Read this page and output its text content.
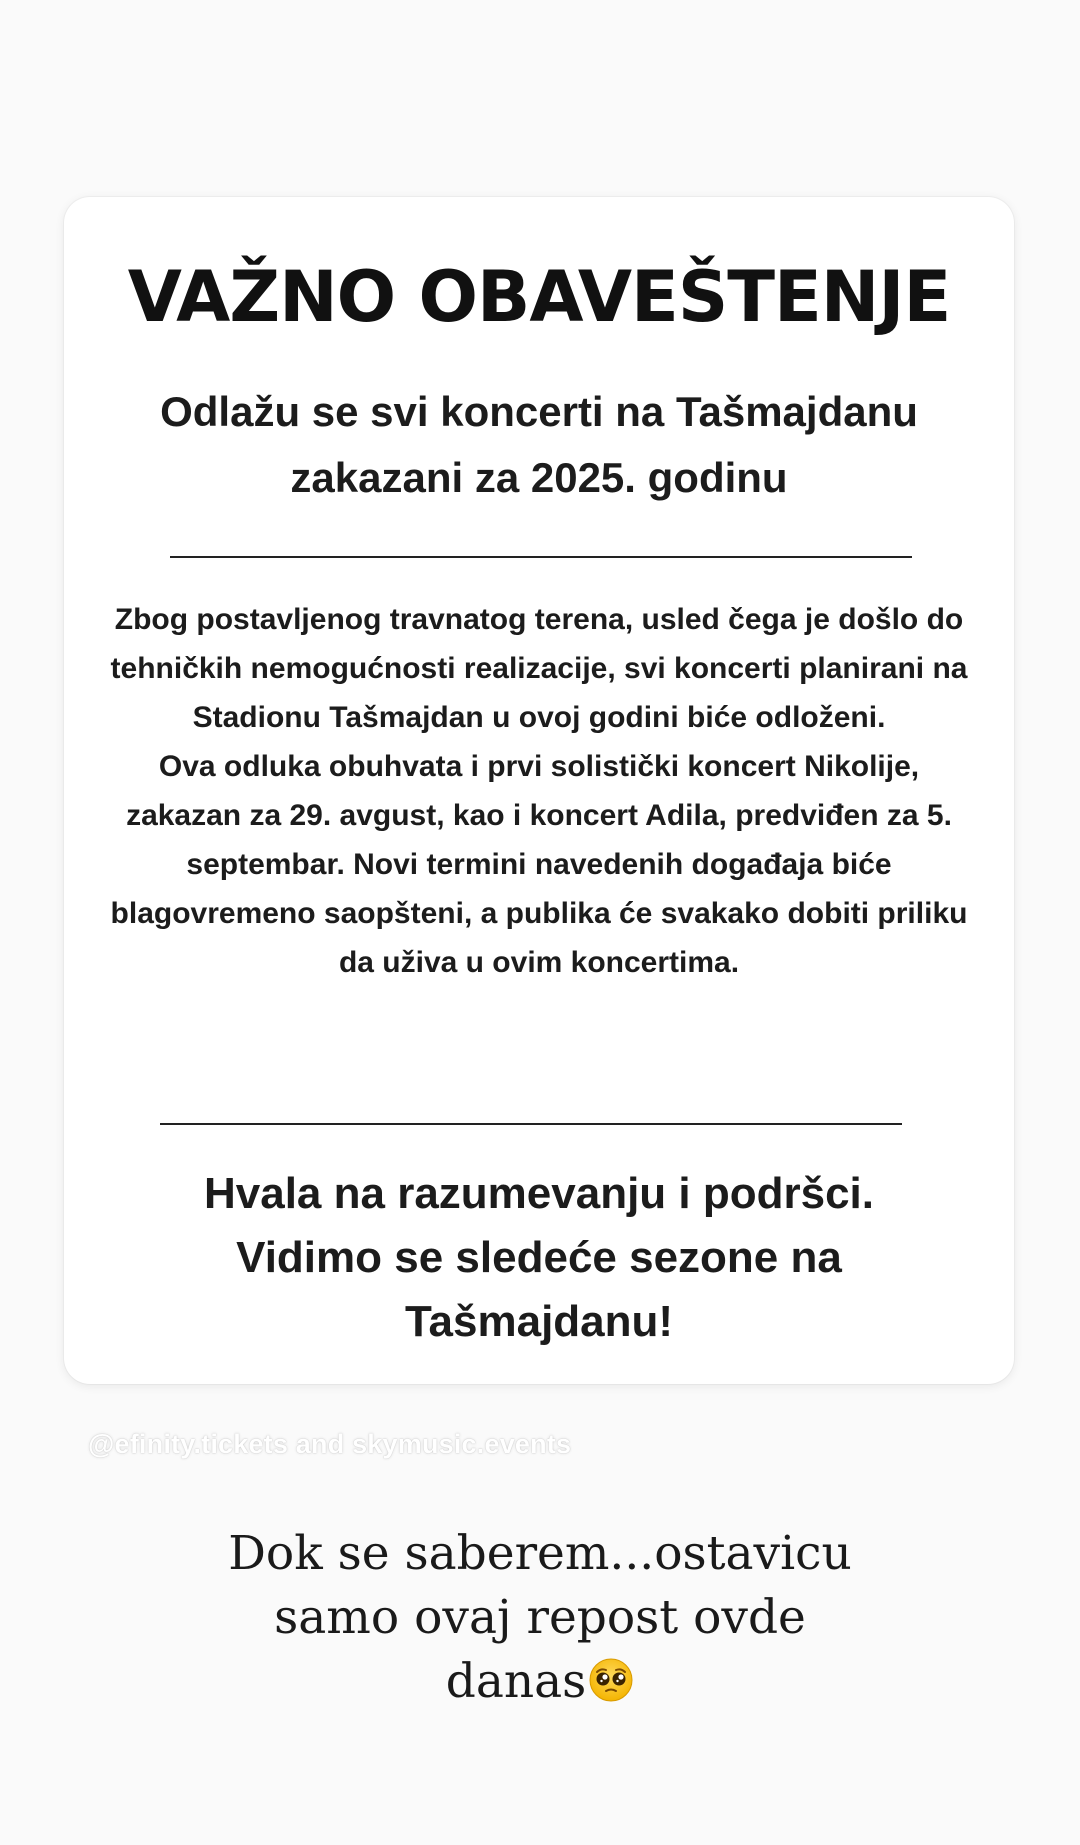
VAŽNO OBAVEŠTENJE
Odlažu se svi koncerti na Tašmajdanu
zakazani za 2025. godinu

Zbog postavljenog travnatog terena, usled čega je došlo do tehničkih nemogućnosti realizacije, svi koncerti planirani na Stadionu Tašmajdan u ovoj godini biće odloženi.

Ova odluka obuhvata i prvi solistički koncert Nikolije, zakazan za 29. avgust, kao i koncert Adila, predviđen za 5. septembar. Novi termini navedenih događaja biće blagovremeno saopšteni, a publika će svakako dobiti priliku da uživa u ovim koncertima.

Hvala na razumevanju i podršci.
Vidimo se sledeće sezone na
Tašmajdanu!
@efinity.tickets and skymusic.events
Dok se saberem...ostavicu
samo ovaj repost ovde
danas
